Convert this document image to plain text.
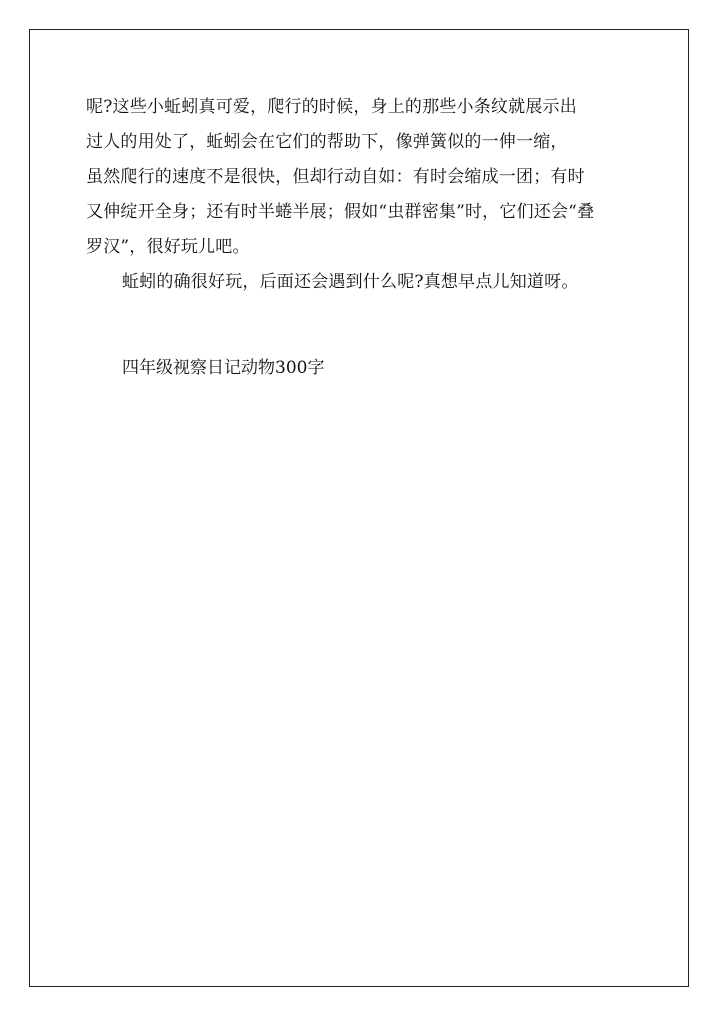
呢?这些小蚯蚓真可爱，爬行的时候，身上的那些小条纹就展示出
过人的用处了，蚯蚓会在它们的帮助下，像弹簧似的一伸一缩，
虽然爬行的速度不是很快，但却行动自如：有时会缩成一团；有时
又伸绽开全身；还有时半蜷半展；假如“虫群密集”时，它们还会“叠
罗汉”，很好玩儿吧。
蚯蚓的确很好玩，后面还会遇到什么呢?真想早点儿知道呀。
四年级视察日记动物300字
